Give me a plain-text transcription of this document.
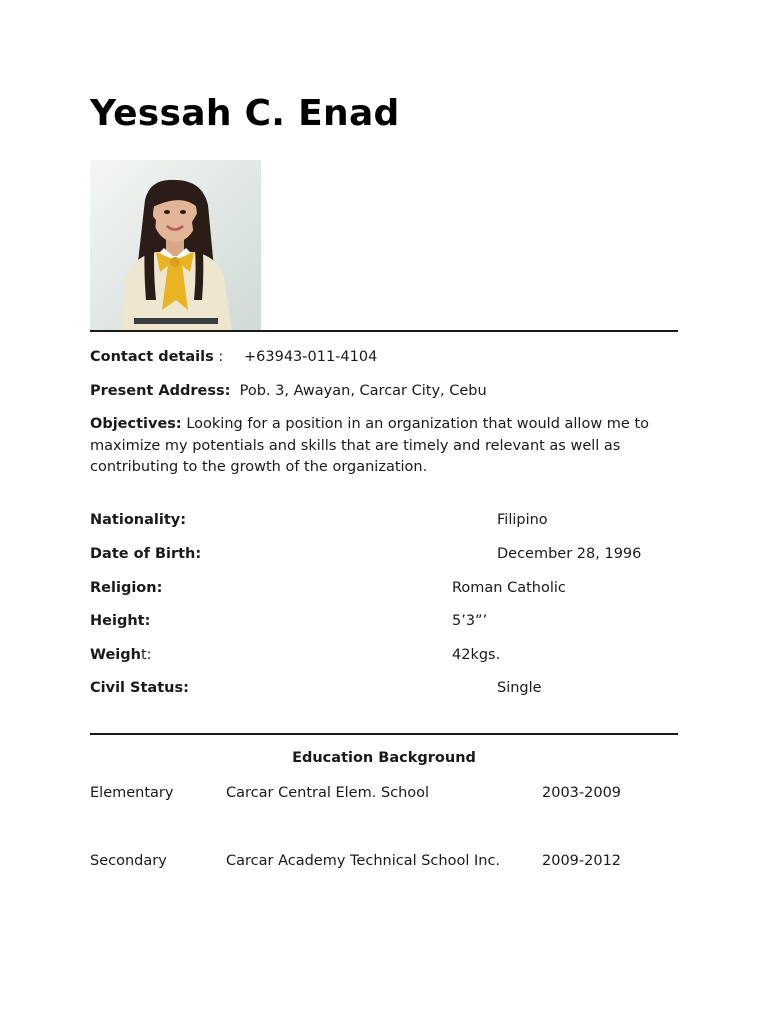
Yessah C. Enad
Contact details : +63943-011-4104
Present Address: Pob. 3, Awayan, Carcar City, Cebu
Objectives: Looking for a position in an organization that would allow me to maximize my potentials and skills that are timely and relevant as well as contributing to the growth of the organization.
Nationality:	Filipino
Date of Birth:	December 28, 1996
Religion:	Roman Catholic
Height:	5’3”’
Weight:	42kgs.
Civil Status:	Single
Education Background
Elementary	Carcar Central Elem. School	2003-2009
Secondary	Carcar Academy Technical School Inc.	2009-2012
